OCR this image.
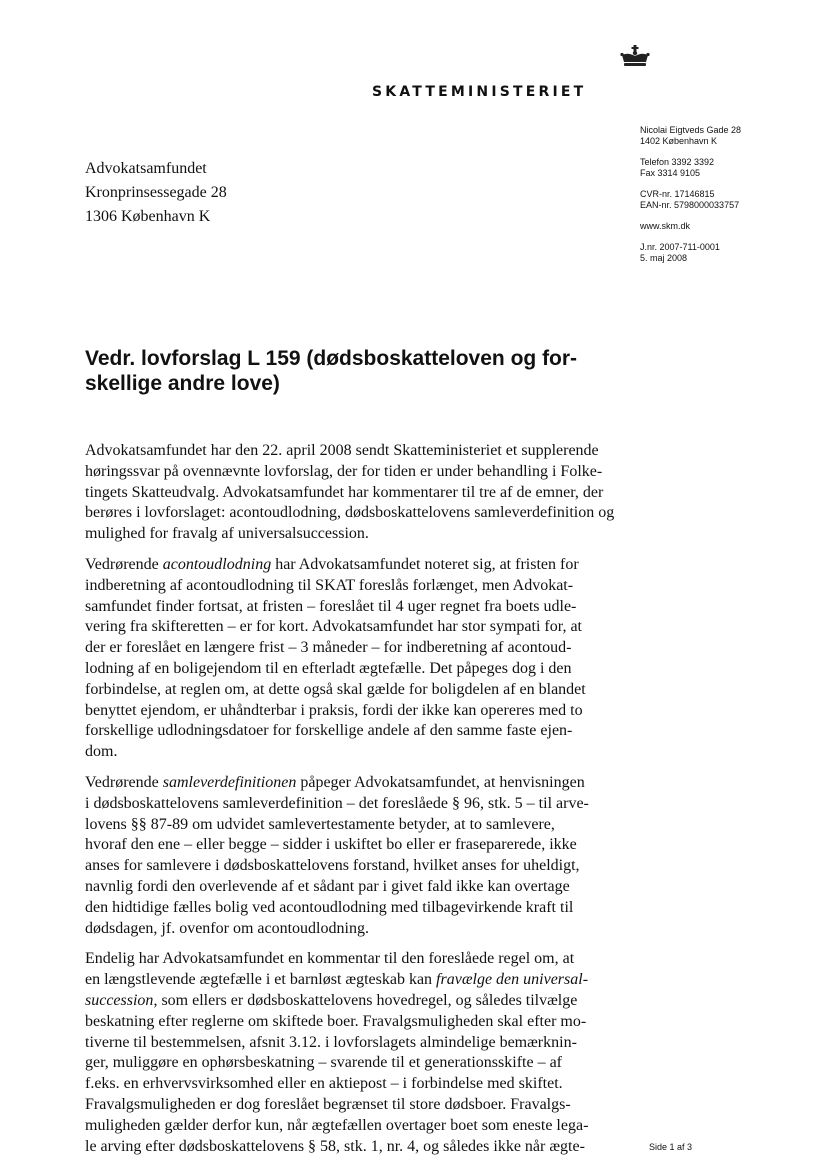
SKATTEMINISTERIET
Advokatsamfundet
Kronprinsessegade 28
1306 København K
Nicolai Eigtveds Gade 28
1402 København K
Telefon 3392 3392
Fax 3314 9105
CVR-nr. 17146815
EAN-nr. 5798000033757
www.skm.dk
J.nr. 2007-711-0001
5. maj 2008
Vedr. lovforslag L 159 (dødsboskatteloven og for-
skellige andre love)
Advokatsamfundet har den 22. april 2008 sendt Skatteministeriet et supplerende
høringssvar på ovennævnte lovforslag, der for tiden er under behandling i Folke-
tingets Skatteudvalg. Advokatsamfundet har kommentarer til tre af de emner, der
berøres i lovforslaget: acontoudlodning, dødsboskattelovens samleverdefinition og
mulighed for fravalg af universalsuccession.
Vedrørende acontoudlodning har Advokatsamfundet noteret sig, at fristen for
indberetning af acontoudlodning til SKAT foreslås forlænget, men Advokat-
samfundet finder fortsat, at fristen – foreslået til 4 uger regnet fra boets udle-
vering fra skifteretten – er for kort. Advokatsamfundet har stor sympati for, at
der er foreslået en længere frist – 3 måneder – for indberetning af acontoud-
lodning af en boligejendom til en efterladt ægtefælle. Det påpeges dog i den
forbindelse, at reglen om, at dette også skal gælde for boligdelen af en blandet
benyttet ejendom, er uhåndterbar i praksis, fordi der ikke kan opereres med to
forskellige udlodningsdatoer for forskellige andele af den samme faste ejen-
dom.
Vedrørende samleverdefinitionen påpeger Advokatsamfundet, at henvisningen
i dødsboskattelovens samleverdefinition – det foreslåede § 96, stk. 5 – til arve-
lovens §§ 87-89 om udvidet samlevertestamente betyder, at to samlevere,
hvoraf den ene – eller begge – sidder i uskiftet bo eller er fraseparerede, ikke
anses for samlevere i dødsboskattelovens forstand, hvilket anses for uheldigt,
navnlig fordi den overlevende af et sådant par i givet fald ikke kan overtage
den hidtidige fælles bolig ved acontoudlodning med tilbagevirkende kraft til
dødsdagen, jf. ovenfor om acontoudlodning.
Endelig har Advokatsamfundet en kommentar til den foreslåede regel om, at
en længstlevende ægtefælle i et barnløst ægteskab kan fravælge den universal-
succession, som ellers er dødsboskattelovens hovedregel, og således tilvælge
beskatning efter reglerne om skiftede boer. Fravalgsmuligheden skal efter mo-
tiverne til bestemmelsen, afsnit 3.12. i lovforslagets almindelige bemærknin-
ger, muliggøre en ophørsbeskatning – svarende til et generationsskifte – af
f.eks. en erhvervsvirksomhed eller en aktiepost – i forbindelse med skiftet.
Fravalgsmuligheden er dog foreslået begrænset til store dødsboer. Fravalgs-
muligheden gælder derfor kun, når ægtefællen overtager boet som eneste lega-
le arving efter dødsboskattelovens § 58, stk. 1, nr. 4, og således ikke når ægte-	Side 1 af 3
